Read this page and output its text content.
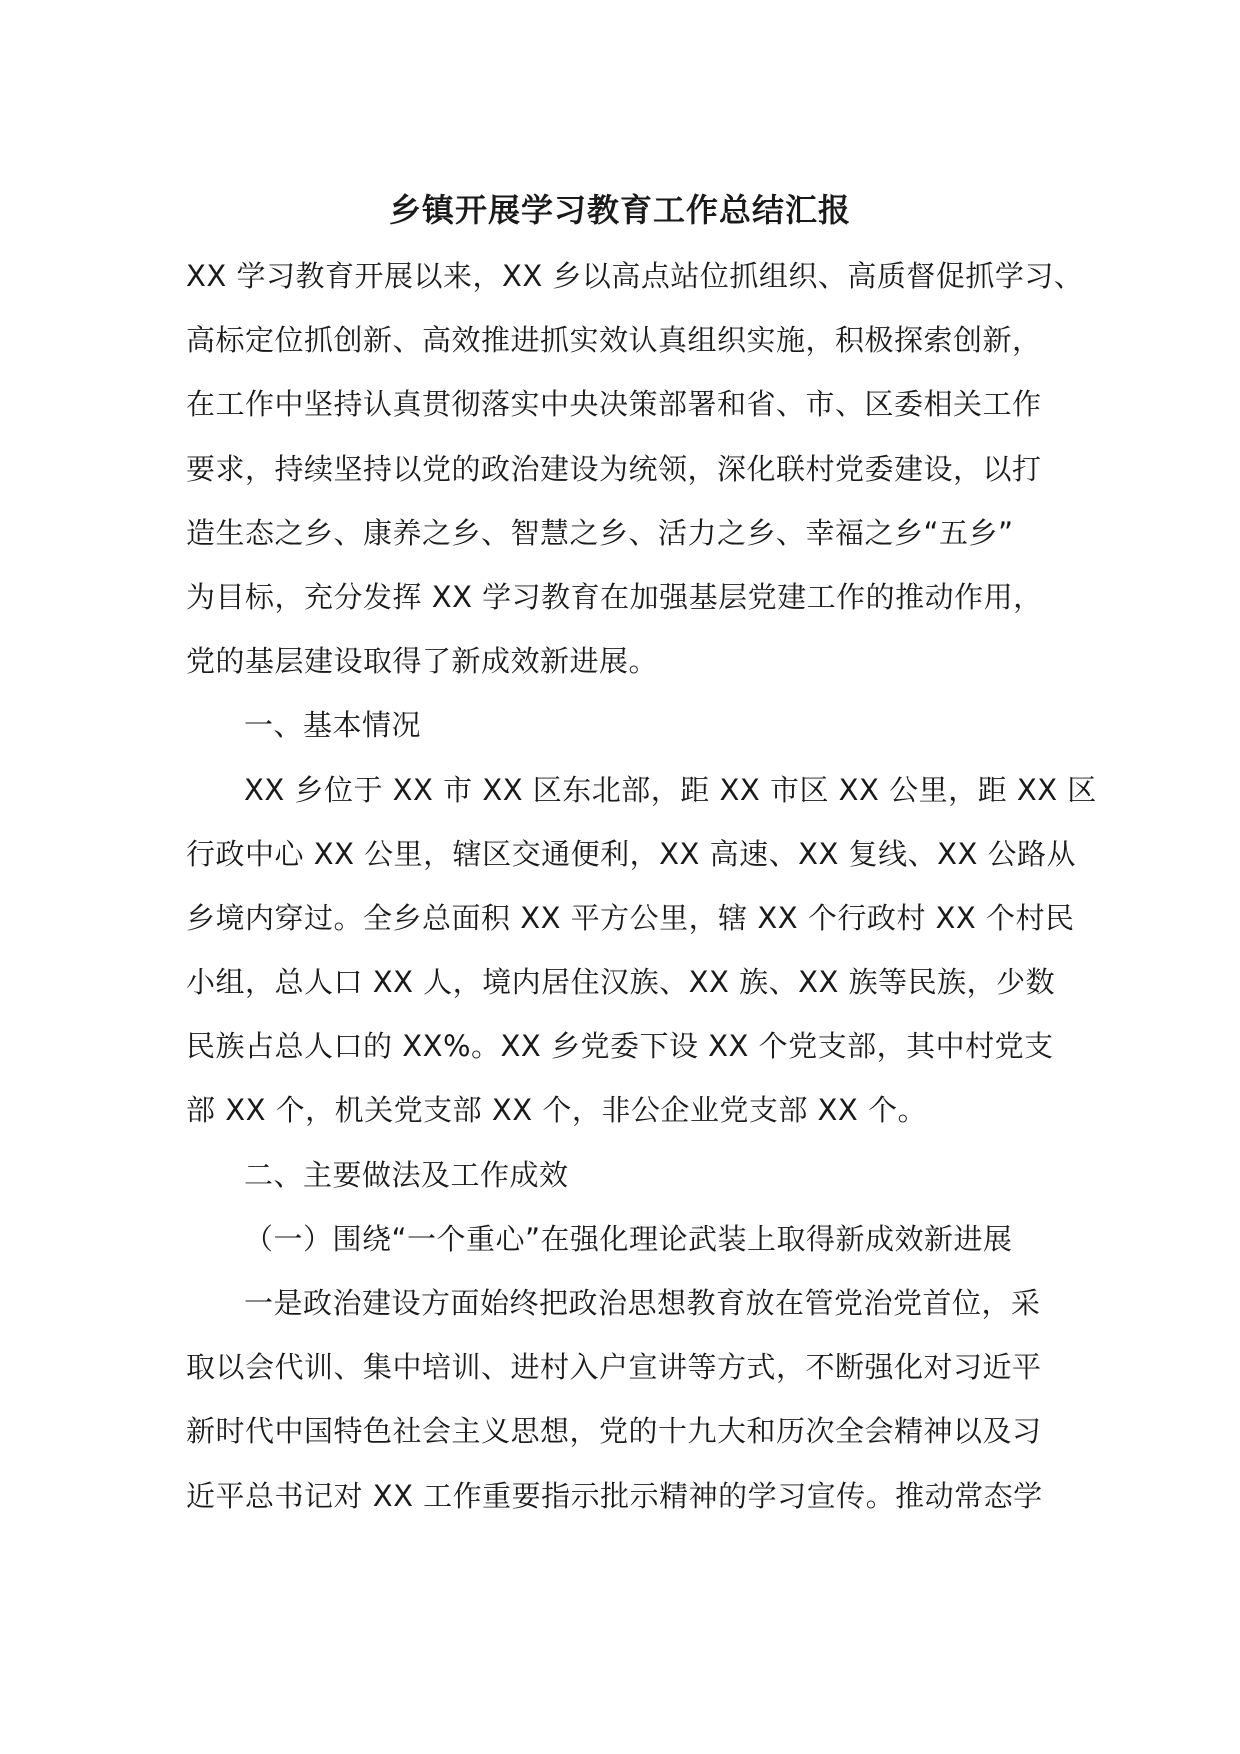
乡镇开展学习教育工作总结汇报
XX 学习教育开展以来，XX 乡以高点站位抓组织、高质督促抓学习、
高标定位抓创新、高效推进抓实效认真组织实施，积极探索创新，
在工作中坚持认真贯彻落实中央决策部署和省、市、区委相关工作
要求，持续坚持以党的政治建设为统领，深化联村党委建设，以打
造生态之乡、康养之乡、智慧之乡、活力之乡、幸福之乡“五乡”
为目标，充分发挥 XX 学习教育在加强基层党建工作的推动作用，
党的基层建设取得了新成效新进展。
一、基本情况
XX 乡位于 XX 市 XX 区东北部，距 XX 市区 XX 公里，距 XX 区
行政中心 XX 公里，辖区交通便利，XX 高速、XX 复线、XX 公路从
乡境内穿过。全乡总面积 XX 平方公里，辖 XX 个行政村 XX 个村民
小组，总人口 XX 人，境内居住汉族、XX 族、XX 族等民族，少数
民族占总人口的 XX%。XX 乡党委下设 XX 个党支部，其中村党支
部 XX 个，机关党支部 XX 个，非公企业党支部 XX 个。
二、主要做法及工作成效
（一）围绕“一个重心”在强化理论武装上取得新成效新进展
一是政治建设方面始终把政治思想教育放在管党治党首位，采
取以会代训、集中培训、进村入户宣讲等方式，不断强化对习近平
新时代中国特色社会主义思想，党的十九大和历次全会精神以及习
近平总书记对 XX 工作重要指示批示精神的学习宣传。推动常态学
